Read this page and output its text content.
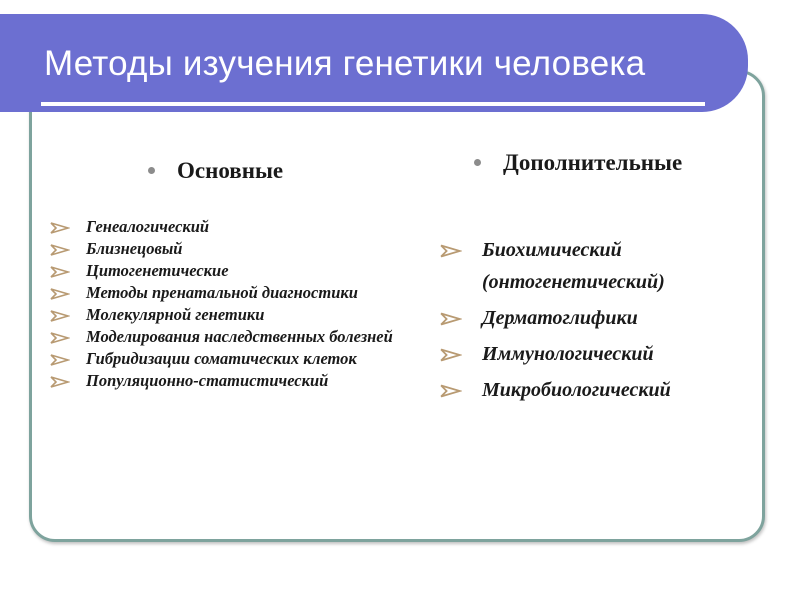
Методы изучения генетики человека
Основные	Дополнительные
Генеалогический
Близнецовый
Цитогенетические
Методы пренатальной диагностики
Молекулярной генетики
Моделирования наследственных болезней
Гибридизации соматических клеток
Популяционно-статистический
Биохимический (онтогенетический)
Дерматоглифики
Иммунологический
Микробиологический
